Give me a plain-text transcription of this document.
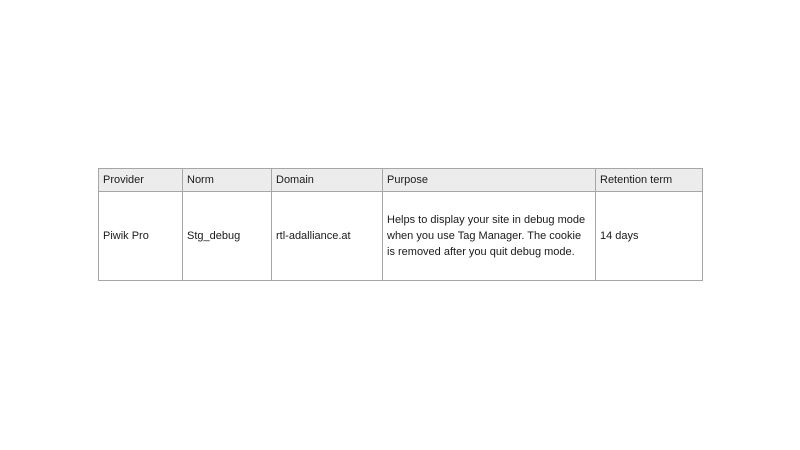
Provider	Norm	Domain	Purpose	Retention term
Piwik Pro	Stg_debug	rtl-adalliance.at	Helps to display your site in debug mode when you use Tag Manager. The cookie is removed after you quit debug mode.	14 days
